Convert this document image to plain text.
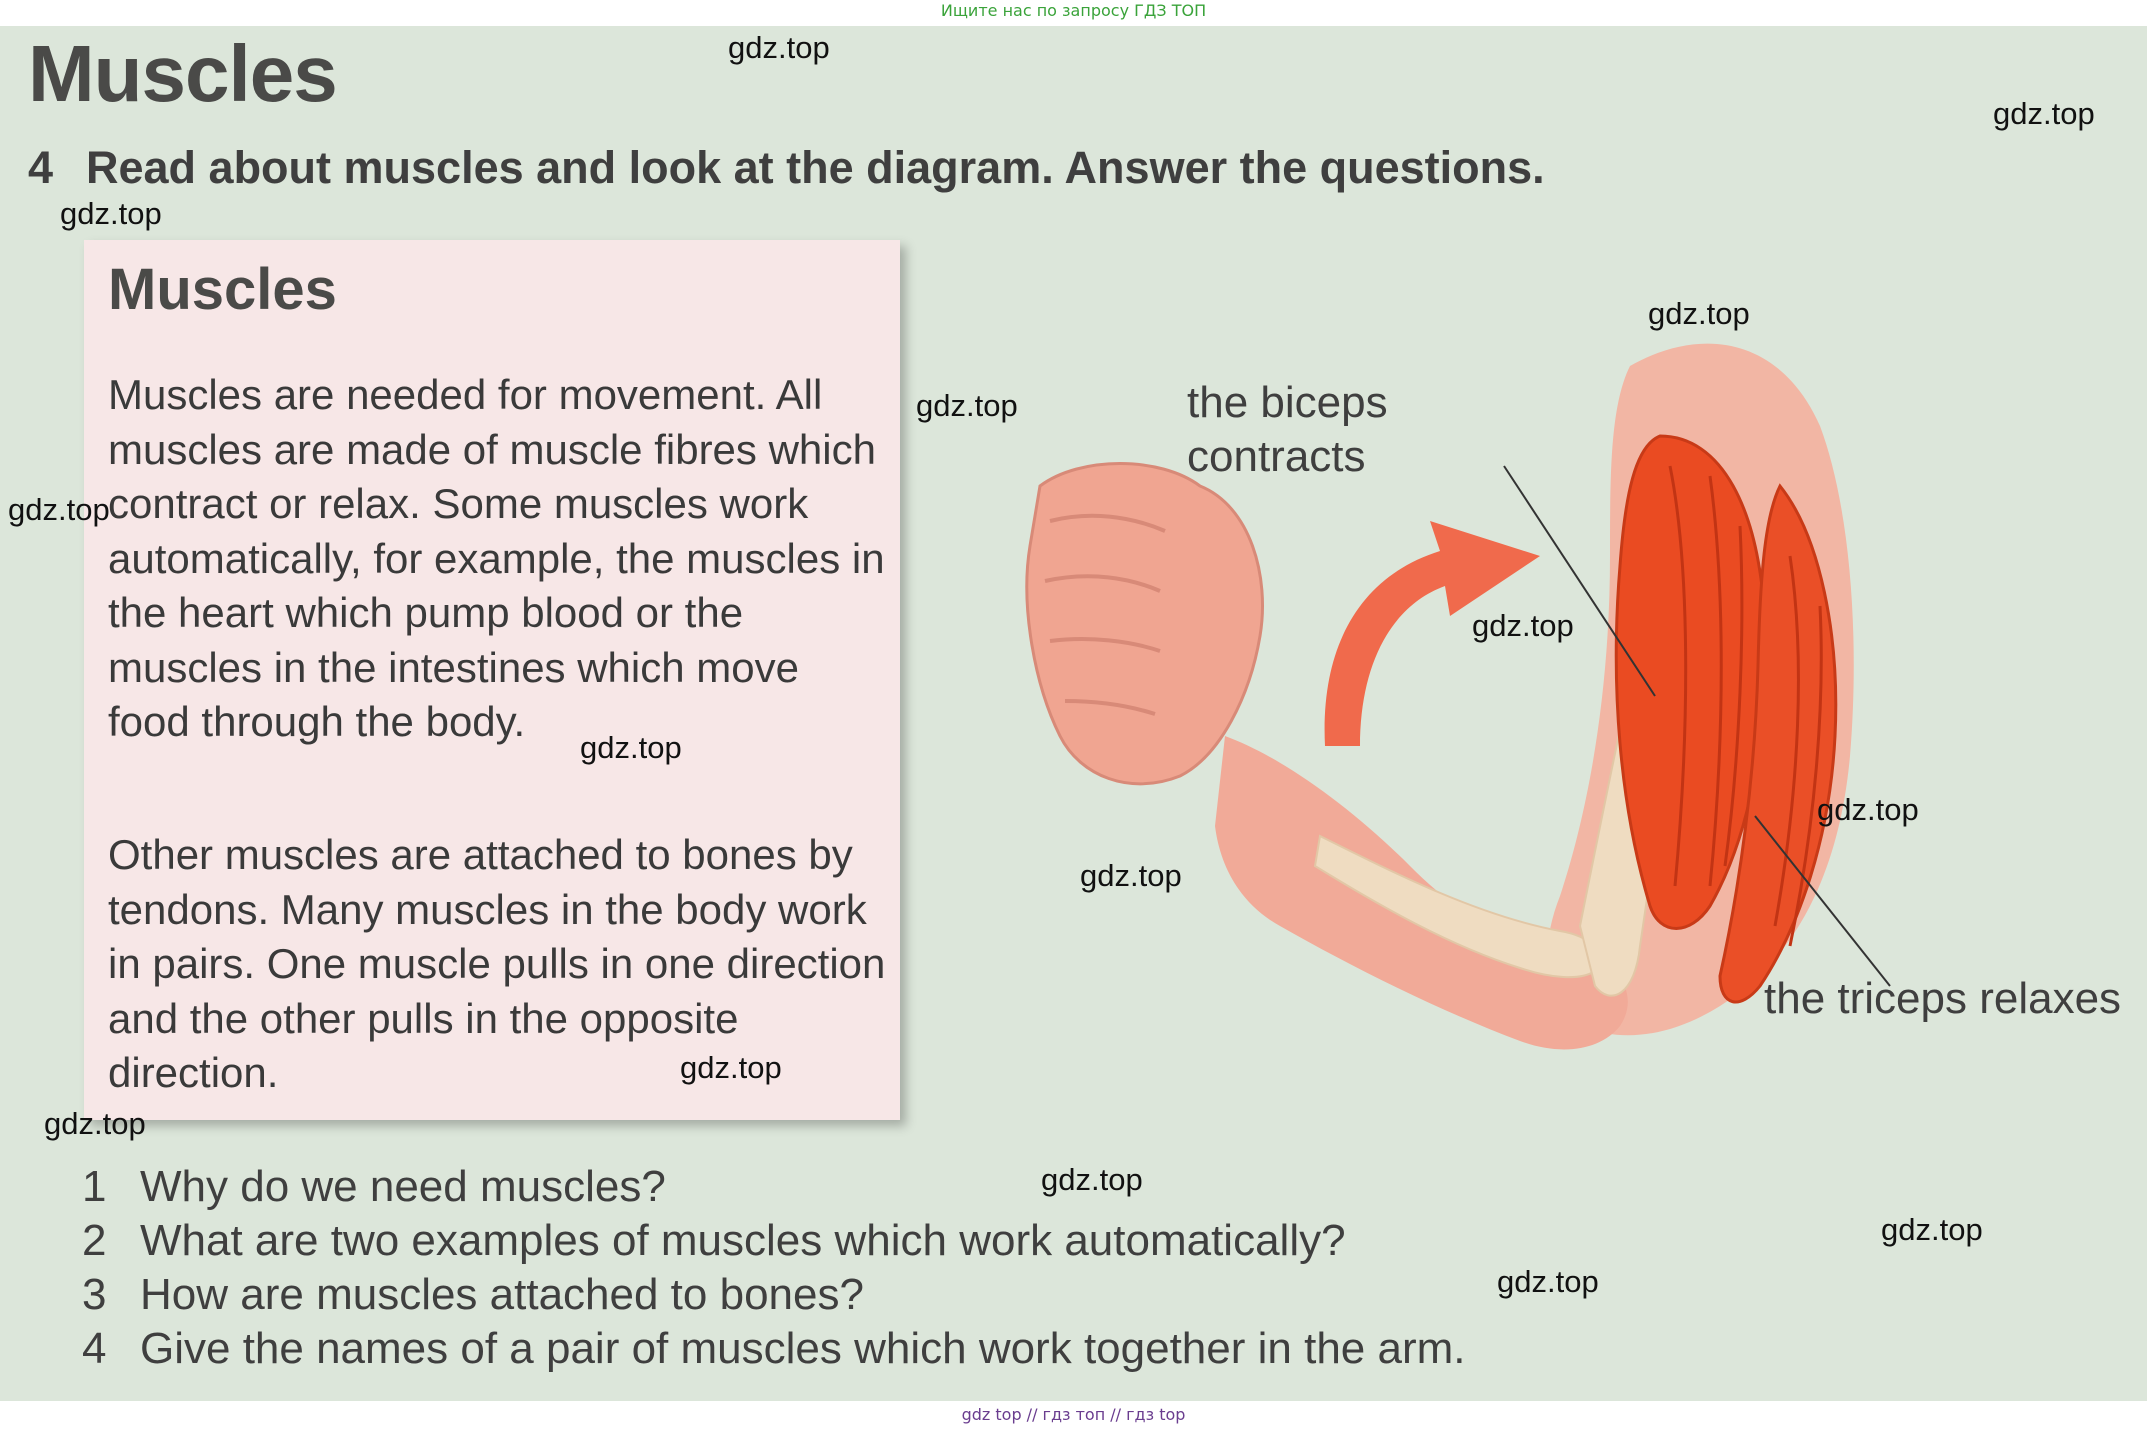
Ищите нас по запросу ГДЗ ТОП

Muscles
4 Read about muscles and look at the diagram. Answer the questions.
Muscles

Muscles are needed for movement. All muscles are made of muscle fibres which contract or relax. Some muscles work automatically, for example, the muscles in the heart which pump blood or the muscles in the intestines which move food through the body.

Other muscles are attached to bones by tendons. Many muscles in the body work in pairs. One muscle pulls in one direction and the other pulls in the opposite direction.

the biceps contracts
the triceps relaxes
1 Why do we need muscles?
2 What are two examples of muscles which work automatically?
3 How are muscles attached to bones?
4 Give the names of a pair of muscles which work together in the arm.
gdz.top
gdz.top
gdz.top
gdz.top
gdz.top
gdz.top
gdz.top
gdz.top
gdz.top
gdz.top
gdz.top
gdz.top
gdz.top
gdz.top
gdz.top
gdz top // гдз топ // гдз top
